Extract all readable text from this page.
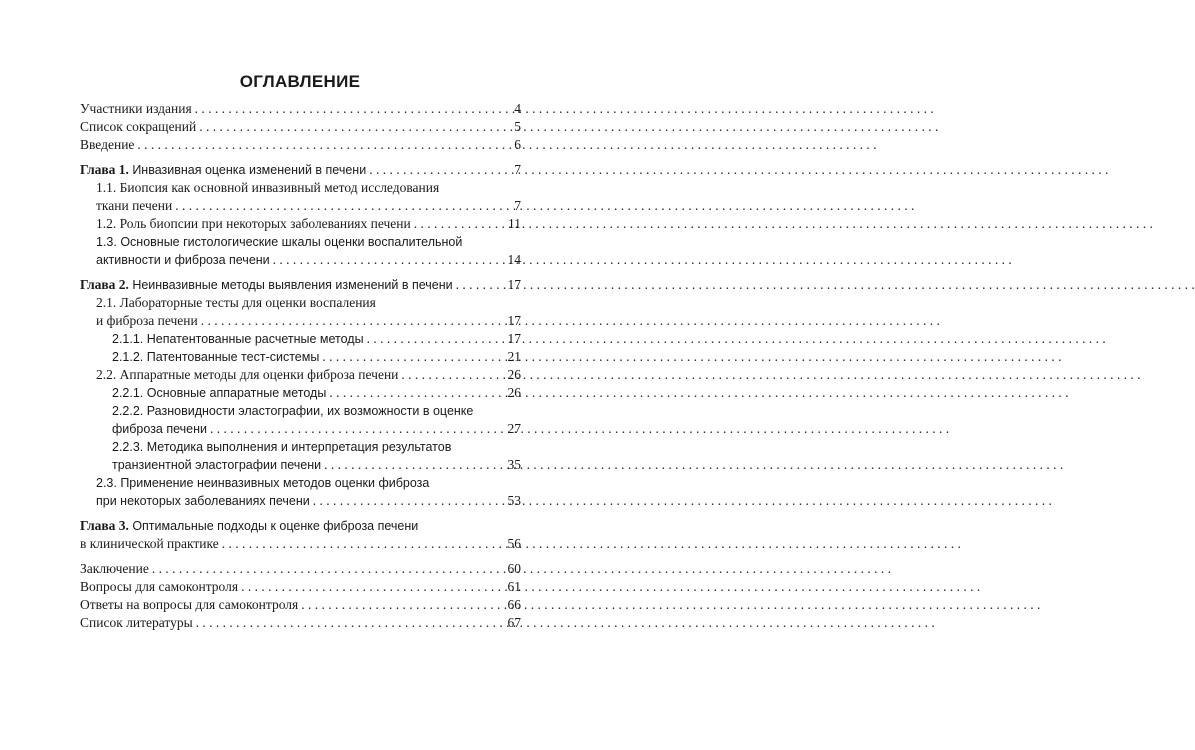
ОГЛАВЛЕНИЕ
Участники издания . . .	4
Список сокращений . . .	5
Введение . . .	6
Глава 1. Инвазивная оценка изменений в печени . . .	7
1.1. Биопсия как основной инвазивный метод исследования
ткани печени . . .	7
1.2. Роль биопсии при некоторых заболеваниях печени . . .	11
1.3. Основные гистологические шкалы оценки воспалительной
активности и фиброза печени . . .	14
Глава 2. Неинвазивные методы выявления изменений в печени . . .	17
2.1. Лабораторные тесты для оценки воспаления
и фиброза печени . . .	17
2.1.1. Непатентованные расчетные методы . . .	17
2.1.2. Патентованные тест-системы . . .	21
2.2. Аппаратные методы для оценки фиброза печени . . .	26
2.2.1. Основные аппаратные методы . . .	26
2.2.2. Разновидности эластографии, их возможности в оценке
фиброза печени . . .	27
2.2.3. Методика выполнения и интерпретация результатов
транзиентной эластографии печени . . .	35
2.3. Применение неинвазивных методов оценки фиброза
при некоторых заболеваниях печени . . .	53
Глава 3. Оптимальные подходы к оценке фиброза печени
в клинической практике . . .	56
Заключение . . .	60
Вопросы для самоконтроля . . .	61
Ответы на вопросы для самоконтроля . . .	66
Список литературы . . .	67
